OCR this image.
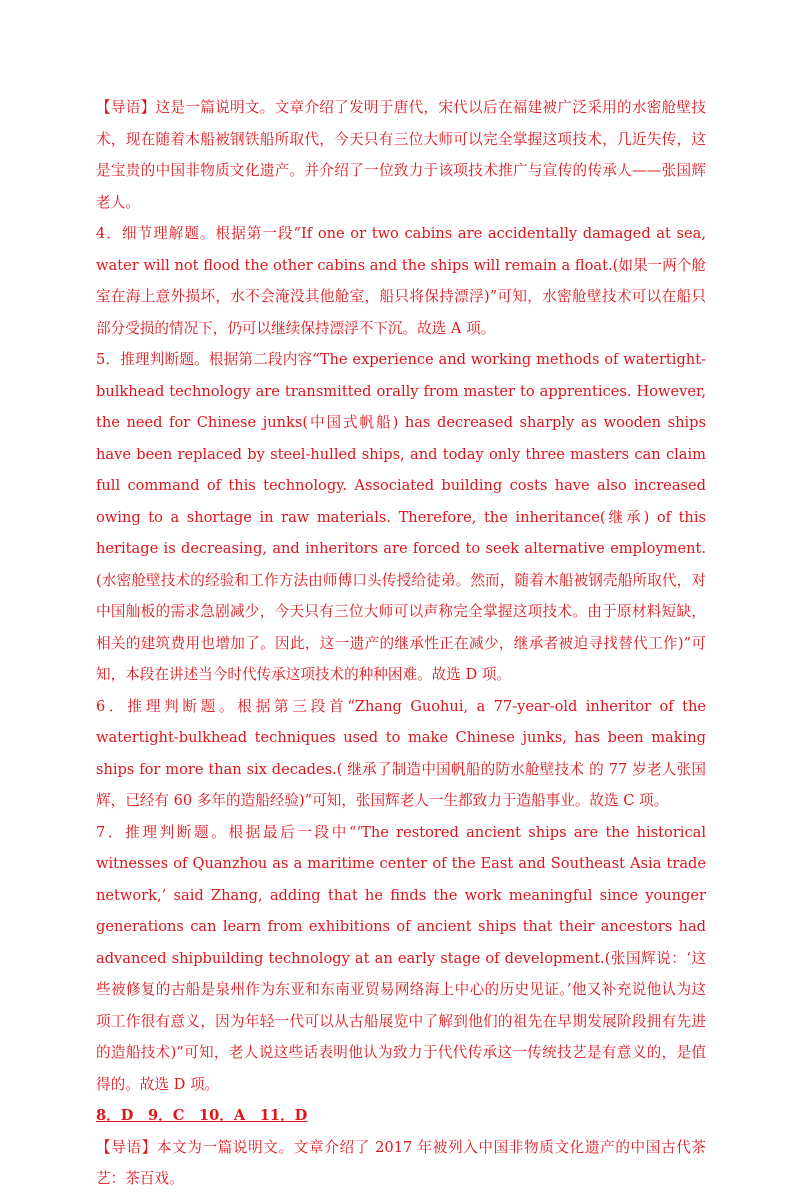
【导语】这是一篇说明文。文章介绍了发明于唐代，宋代以后在福建被广泛采用的水密舱壁技术，现在随着木船被钢铁船所取代，今天只有三位大师可以完全掌握这项技术，几近失传，这是宝贵的中国非物质文化遗产。并介绍了一位致力于该项技术推广与宣传的传承人——张国辉老人。

4．细节理解题。根据第一段“If one or two cabins are accidentally damaged at sea, water will not flood the other cabins and the ships will remain a float.(如果一两个舱室在海上意外损坏，水不会淹没其他舱室，船只将保持漂浮)”可知，水密舱壁技术可以在船只部分受损的情况下，仍可以继续保持漂浮不下沉。故选 A 项。

5．推理判断题。根据第二段内容“The experience and working methods of watertight-bulkhead technology are transmitted orally from master to apprentices. However, the need for Chinese junks(中国式帆船) has decreased sharply as wooden ships have been replaced by steel-hulled ships, and today only three masters can claim full command of this technology. Associated building costs have also increased owing to a shortage in raw materials. Therefore, the inheritance(继承) of this heritage is decreasing, and inheritors are forced to seek alternative employment.(水密舱壁技术的经验和工作方法由师傅口头传授给徒弟。然而，随着木船被钢壳船所取代，对中国舢板的需求急剧减少，今天只有三位大师可以声称完全掌握这项技术。由于原材料短缺，相关的建筑费用也增加了。因此，这一遗产的继承性正在减少，继承者被迫寻找替代工作)”可知，本段在讲述当今时代传承这项技术的种种困难。故选 D 项。

6．推理判断题。根据第三段首“Zhang Guohui, a 77-year-old inheritor of the watertight-bulkhead techniques used to make Chinese junks, has been making ships for more than six decades.( 继承了制造中国帆船的防水舱壁技术 的 77 岁老人张国辉，已经有 60 多年的造船经验)”可知，张国辉老人一生都致力于造船事业。故选 C 项。

7．推理判断题。根据最后一段中“‘The restored ancient ships are the historical witnesses of Quanzhou as a maritime center of the East and Southeast Asia trade network,’ said Zhang, adding that he finds the work meaningful since younger generations can learn from exhibitions of ancient ships that their ancestors had advanced shipbuilding technology at an early stage of development.(张国辉说：‘这些被修复的古船是泉州作为东亚和东南亚贸易网络海上中心的历史见证。’他又补充说他认为这项工作很有意义，因为年轻一代可以从古船展览中了解到他们的祖先在早期发展阶段拥有先进的造船技术)”可知，老人说这些话表明他认为致力于代代传承这一传统技艺是有意义的，是值得的。故选 D 项。

8．D　9．C　10．A　11．D

【导语】本文为一篇说明文。文章介绍了 2017 年被列入中国非物质文化遗产的中国古代茶艺：茶百戏。
